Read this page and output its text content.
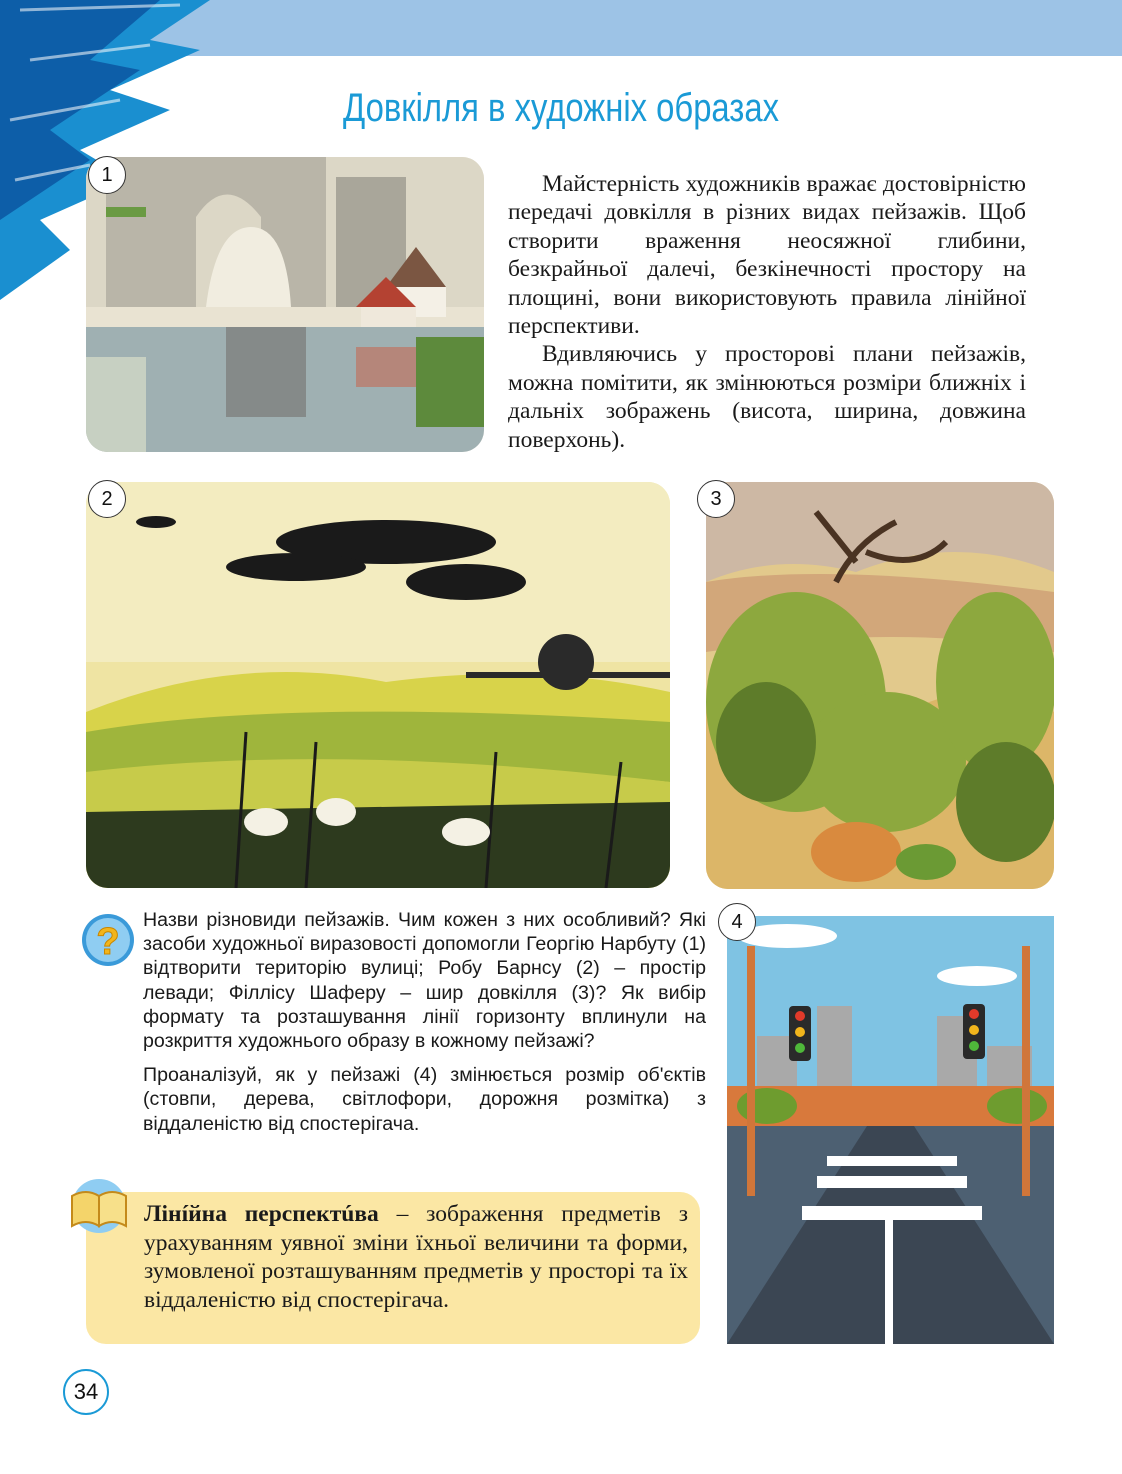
Довкілля в художніх образах
1	Майстерність художників вражає достовірністю передачі довкілля в різних видах пейзажів. Щоб створити враження неосяжної глибини, безкрайньої далечі, безкінечності простору на площині, вони використовують правила лінійної перспективи.

Вдивляючись у просторові плани пейзажів, можна помітити, як змінюються розміри ближніх і дальніх зображень (висота, ширина, довжина поверхонь).

2	3
?

Назви різновиди пейзажів. Чим кожен з них особливий? Які засоби художньої виразовості допомогли Георгію Нарбуту (1) відтворити територію вулиці; Робу Барнсу (2) – простір левади; Філлісу Шаферу – шир довкілля (3)? Як вибір формату та розташування лінії горизонту вплинули на розкриття художнього образу в кожному пейзажі?

Проаналізуй, як у пейзажі (4) змінюється розмір об'єктів (стовпи, дерева, світлофори, дорожня розмітка) з віддаленістю від спостерігача.

4
Лінíйна перспектúва – зображення предметів з урахуванням уявної зміни їхньої величини та форми, зумовленої розташуванням предметів у просторі та їх віддаленістю від спостерігача.
34
